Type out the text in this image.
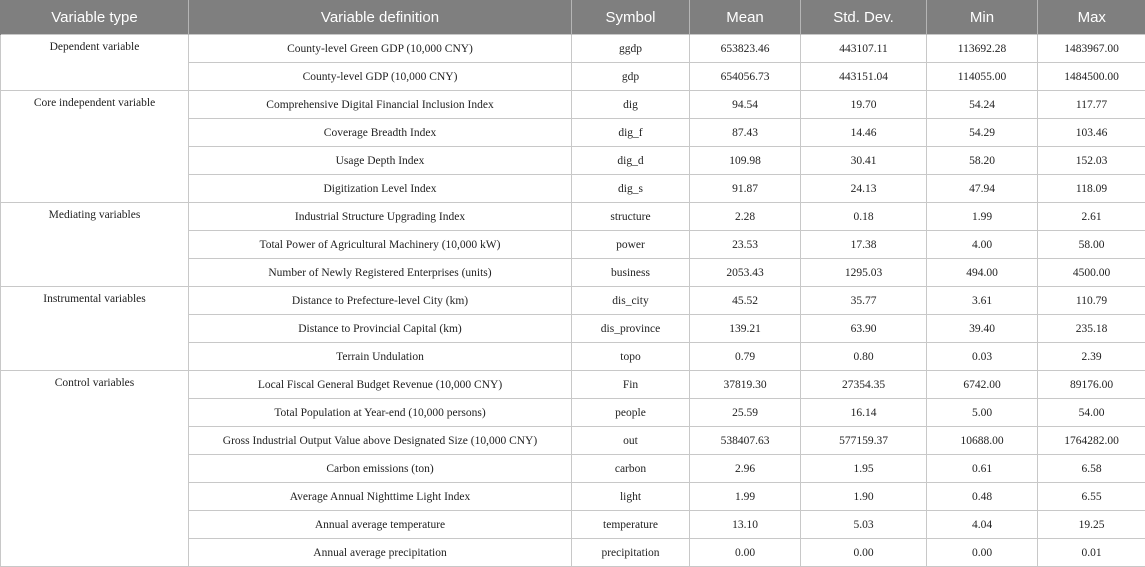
Variable type	Variable definition	Symbol	Mean	Std. Dev.	Min	Max
Dependent variable	County-level Green GDP (10,000 CNY)	ggdp	653823.46	443107.11	113692.28	1483967.00
	County-level GDP (10,000 CNY)	gdp	654056.73	443151.04	114055.00	1484500.00
Core independent variable	Comprehensive Digital Financial Inclusion Index	dig	94.54	19.70	54.24	117.77
	Coverage Breadth Index	dig_f	87.43	14.46	54.29	103.46
	Usage Depth Index	dig_d	109.98	30.41	58.20	152.03
	Digitization Level Index	dig_s	91.87	24.13	47.94	118.09
Mediating variables	Industrial Structure Upgrading Index	structure	2.28	0.18	1.99	2.61
	Total Power of Agricultural Machinery (10,000 kW)	power	23.53	17.38	4.00	58.00
	Number of Newly Registered Enterprises (units)	business	2053.43	1295.03	494.00	4500.00
Instrumental variables	Distance to Prefecture-level City (km)	dis_city	45.52	35.77	3.61	110.79
	Distance to Provincial Capital (km)	dis_province	139.21	63.90	39.40	235.18
	Terrain Undulation	topo	0.79	0.80	0.03	2.39
Control variables	Local Fiscal General Budget Revenue (10,000 CNY)	Fin	37819.30	27354.35	6742.00	89176.00
	Total Population at Year-end (10,000 persons)	people	25.59	16.14	5.00	54.00
	Gross Industrial Output Value above Designated Size (10,000 CNY)	out	538407.63	577159.37	10688.00	1764282.00
	Carbon emissions (ton)	carbon	2.96	1.95	0.61	6.58
	Average Annual Nighttime Light Index	light	1.99	1.90	0.48	6.55
	Annual average temperature	temperature	13.10	5.03	4.04	19.25
	Annual average precipitation	precipitation	0.00	0.00	0.00	0.01
